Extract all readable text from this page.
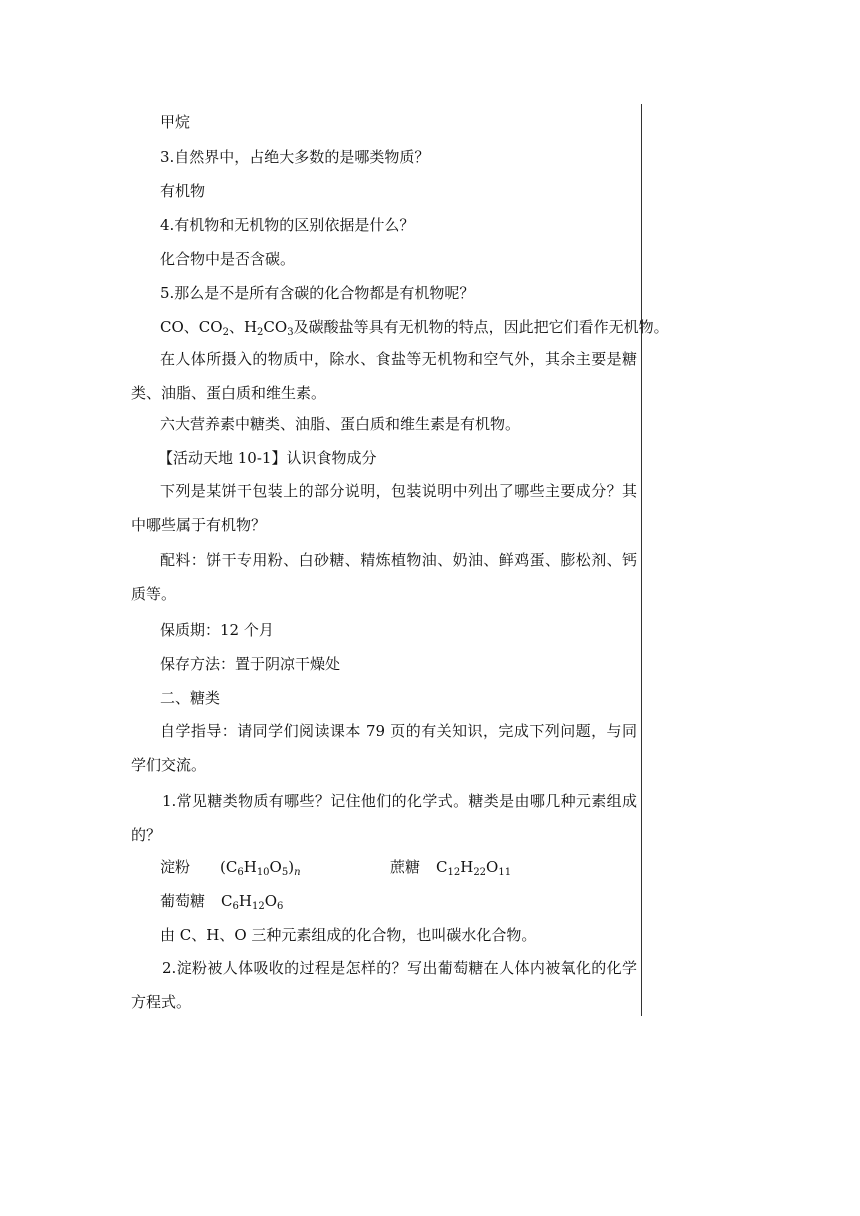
甲烷
3.自然界中，占绝大多数的是哪类物质？
有机物
4.有机物和无机物的区别依据是什么？
化合物中是否含碳。
5.那么是不是所有含碳的化合物都是有机物呢？
CO、$CO_2$、$H_2CO_3$及碳酸盐等具有无机物的特点，因此把它们看作无机物。
在人体所摄入的物质中，除水、食盐等无机物和空气外，其余主要是糖类、油脂、蛋白质和维生素。
六大营养素中糖类、油脂、蛋白质和维生素是有机物。
【活动天地 10-1】认识食物成分
下列是某饼干包装上的部分说明，包装说明中列出了哪些主要成分？其中哪些属于有机物？
配料：饼干专用粉、白砂糖、精炼植物油、奶油、鲜鸡蛋、膨松剂、钙质等。
保质期：12 个月
保存方法：置于阴凉干燥处
二、糖类
自学指导：请同学们阅读课本 79 页的有关知识，完成下列问题，与同学们交流。
1.常见糖类物质有哪些？记住他们的化学式。糖类是由哪几种元素组成的？
淀粉	$(C_6H_{10}O_5)_n$	蔗糖	$C_{12}H_{22}O_{11}$
葡萄糖	$C_6H_{12}O_6$
由 C、H、O 三种元素组成的化合物，也叫碳水化合物。
2.淀粉被人体吸收的过程是怎样的？写出葡萄糖在人体内被氧化的化学方程式。
